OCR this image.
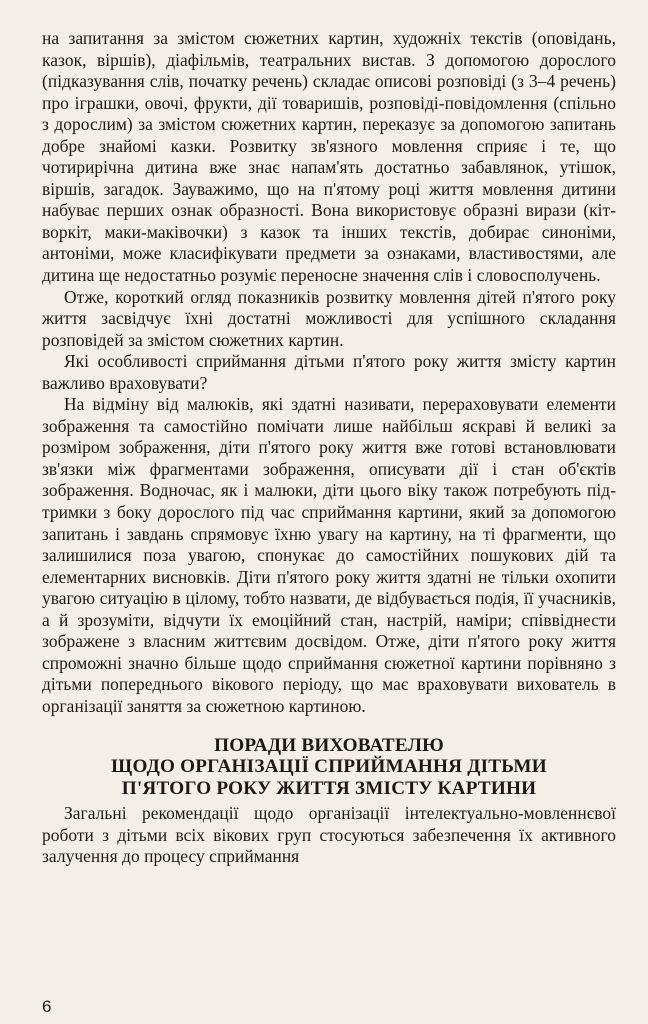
на запитання за змістом сюжетних картин, художніх текстів (оповідань, казок, віршів), діафільмів, театральних вистав. З допомогою дорослого (підказування слів, початку речень) складає описові розповіді (з 3–4 речень) про іграшки, овочі, фрукти, дії товаришів, розповіді-повідомлення (спільно з дорослим) за змістом сюжетних картин, переказує за допомогою запитань добре знайомі казки. Розвитку зв'язного мовлення сприяє і те, що чотирирічна дитина вже знає напам'ять достатньо забавлянок, утішок, віршів, загадок. Зауважимо, що на п'ятому році життя мовлення дитини набуває перших ознак образності. Вона використовує образні вирази (кітворкіт, маки-маківочки) з казок та інших текстів, добирає синоніми, антоніми, може класифікувати предмети за ознаками, властивостями, але дитина ще недостатньо розуміє переносне значення слів і словосполучень.

Отже, короткий огляд показників розвитку мовлення дітей п'ятого року життя засвідчує їхні достатні можливості для успішного складання розповідей за змістом сюжетних картин.

Які особливості сприймання дітьми п'ятого року життя змісту картин важливо враховувати?

На відміну від малюків, які здатні називати, перераховувати елементи зображення та самостійно помічати лише найбільш яскраві й великі за розміром зображення, діти п'ятого року життя вже готові встановлювати зв'язки між фрагментами зображення, описувати дії і стан об'єктів зображення. Водночас, як і малюки, діти цього віку також потребують підтримки з боку дорослого під час сприймання картини, який за допомогою запитань і завдань спрямовує їхню увагу на картину, на ті фрагменти, що залишилися поза увагою, спонукає до самостійних пошукових дій та елементарних висновків. Діти п'ятого року життя здатні не тільки охопити увагою ситуацію в цілому, тобто назвати, де відбувається подія, її учасників, а й зрозуміти, відчути їх емоційний стан, настрій, наміри; співвіднести зображене з власним життєвим досвідом. Отже, діти п'ятого року життя спроможні значно більше щодо сприймання сюжетної картини порівняно з дітьми попереднього вікового періоду, що має враховувати вихователь в організації заняття за сюжетною картиною.

ПОРАДИ ВИХОВАТЕЛЮ
ЩОДО ОРГАНІЗАЦІЇ СПРИЙМАННЯ ДІТЬМИ
П'ЯТОГО РОКУ ЖИТТЯ ЗМІСТУ КАРТИНИ

Загальні рекомендації щодо організації інтелектуально-мовленнєвої роботи з дітьми всіх вікових груп стосуються забезпечення їх активного залучення до процесу сприймання

6
